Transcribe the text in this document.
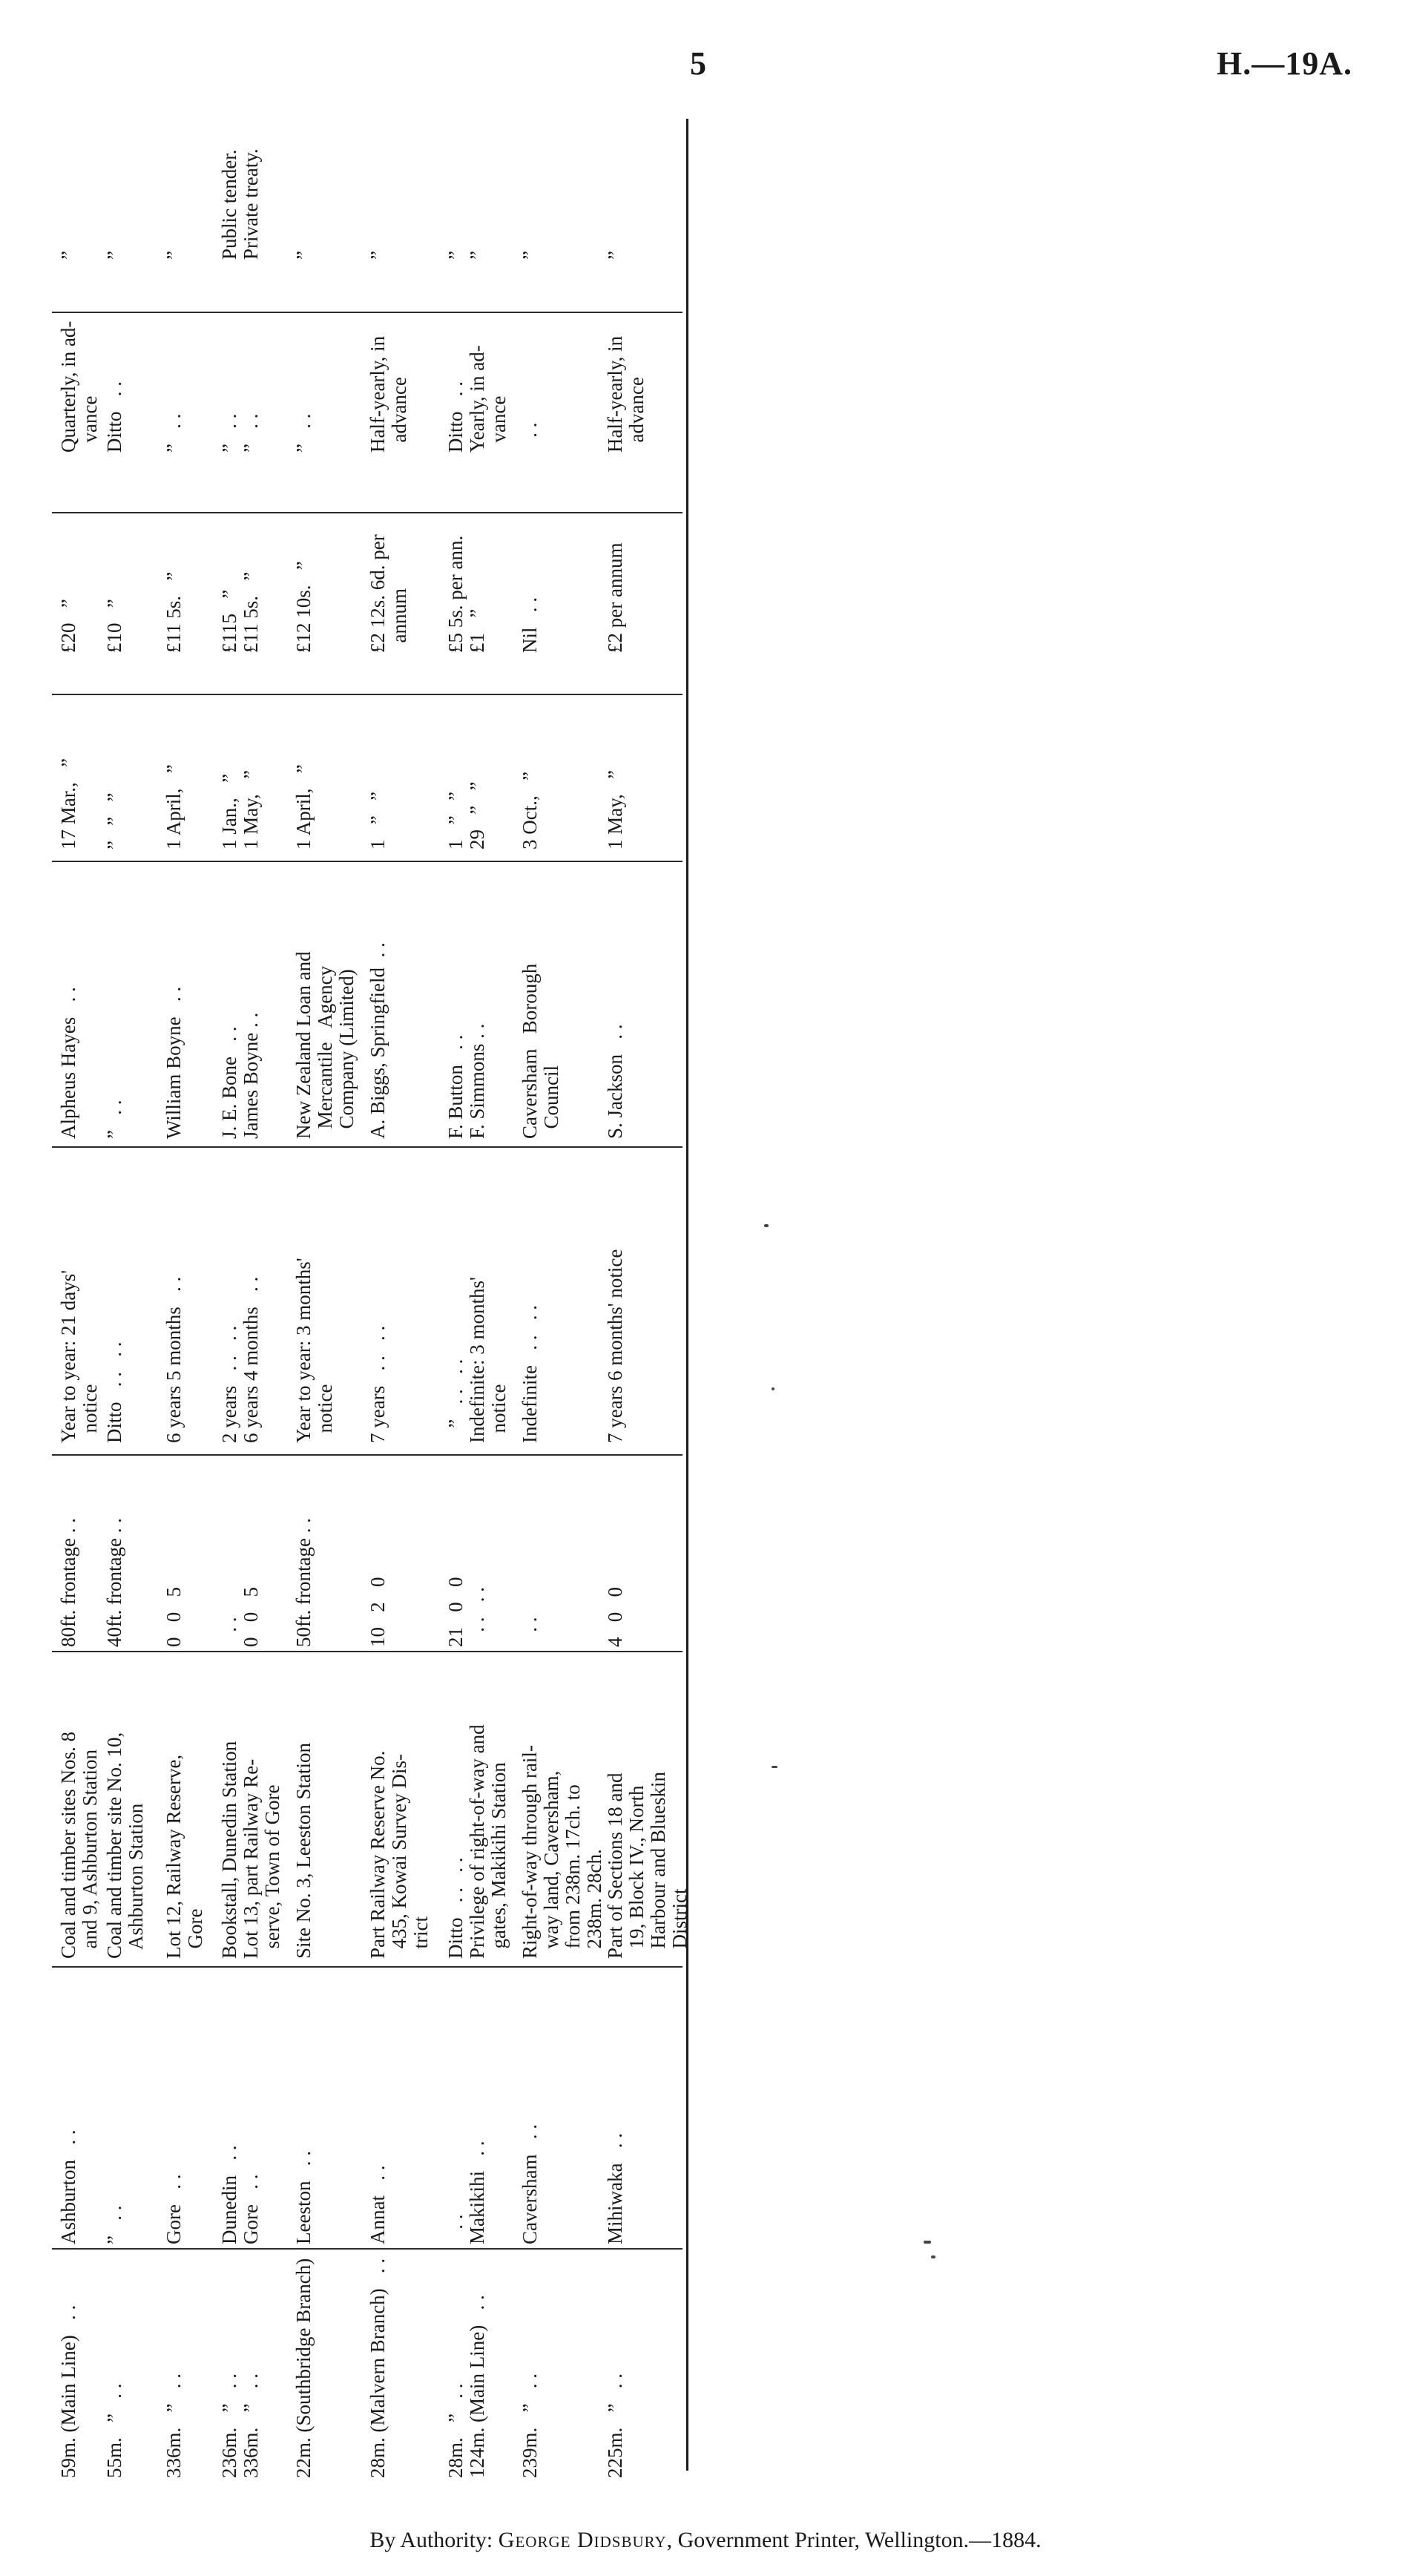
5	H.—19A.
59m. (Main Line)   . .
Ashburton   . .
Coal and timber sites Nos. 8
and 9, Ashburton Station
80ft. frontage . .
Year to year: 21 days'
notice
Alpheus Hayes   . .
17 Mar.,   ”
£20   ”
Quarterly, in ad-
vance
”
55m.   ”   . .
”   . .
Coal and timber site No. 10,
Ashburton Station
40ft. frontage . .
Ditto   . .   . .
”   . .
”   ”   ”
£10   ”
Ditto   . .
”
336m.   ”   . .
Gore   . .
Lot 12, Railway Reserve,
Gore
0   0   5
6 years 5 months   . .
William Boyne   . .
1 April,   ”
£11 5s.   ”
”   . .
”
236m.   ”   . .
336m.   ”   . .
Dunedin   . .
Gore   . .
Bookstall, Dunedin Station
Lot 13, part Railway Re-
serve, Town of Gore
. .
0   0   5
2 years   . .   . .
6 years 4 months   . .
J. E. Bone   . .
James Boyne . .
1 Jan.,   ”
1 May,   ”
£115   ”
£11 5s.   ”
”   . .
”   . .
Public tender.
Private treaty.
22m. (Southbridge Branch)
Leeston   . .
Site No. 3, Leeston Station
50ft. frontage . .
Year to year: 3 months'
notice
New Zealand Loan and
Mercantile   Agency
Company (Limited)
1 April,   ”
£12 10s.   ”
”   . .
”
28m. (Malvern Branch)   . .
Annat   . .
Part Railway Reserve No.
435, Kowai Survey Dis-
trict
10   2   0
7 years   . .   . .
A. Biggs, Springfield  . .
1   ”   ”
£2 12s. 6d. per
annum
Half-yearly, in
advance
”
28m.   ”   . .
124m. (Main Line)   . .
. .
Makikihi   . .
Ditto   . .   . .
Privilege of right-of-way and
gates, Makikihi Station
21   0   0
. .   . .
”   . .   . .
Indefinite: 3 months'
notice
F. Button   . .
F. Simmons . .
1   ”   ”
29   ”   ”
£5 5s. per ann.
£1   ”
Ditto   . .
Yearly, in ad-
vance
”
”
239m.   ”   . .
Caversham   . .
Right-of-way through rail-
way land, Caversham,
from 238m. 17ch. to
238m. 28ch.
. .
Indefinite   . .   . .
Caversham   Borough
Council
3 Oct.,   ”
Nil   . .
. .
”
225m.   ”   . .
Mihiwaka   . .
Part of Sections 18 and
19, Block IV., North
Harbour and Blueskin
District
4   0   0
7 years 6 months' notice
S. Jackson   . .
1 May,   ”
£2 per annum
Half-yearly, in
advance
”
By Authority: George Didsbury, Government Printer, Wellington.—1884.
